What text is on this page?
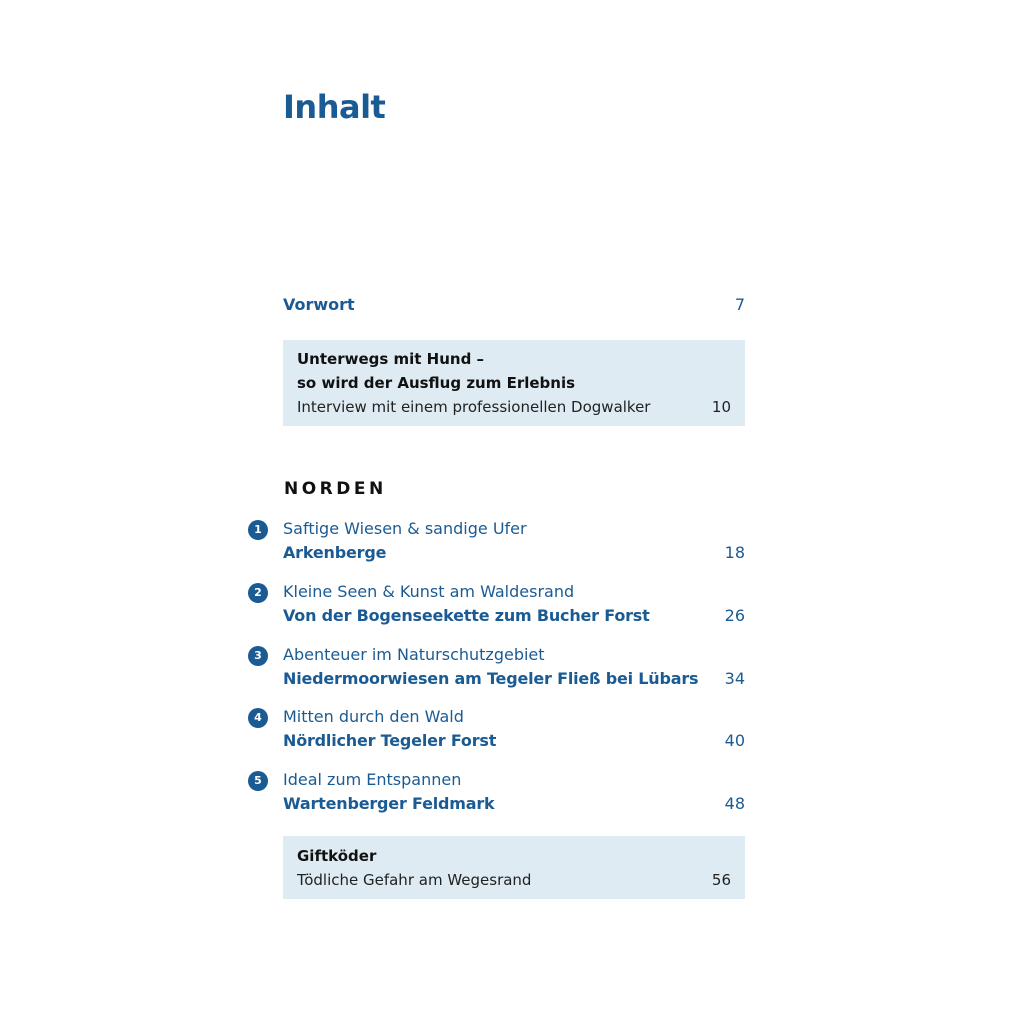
Inhalt
Vorwort	7
Unterwegs mit Hund –
so wird der Ausflug zum Erlebnis
Interview mit einem professionellen Dogwalker	10
NORDEN
1	Saftige Wiesen & sandige Ufer
Arkenberge	18
2	Kleine Seen & Kunst am Waldesrand
Von der Bogenseekette zum Bucher Forst	26
3	Abenteuer im Naturschutzgebiet
Niedermoorwiesen am Tegeler Fließ bei Lübars 34
4	Mitten durch den Wald
Nördlicher Tegeler Forst	40
5	Ideal zum Entspannen
Wartenberger Feldmark	48
Giftköder
Tödliche Gefahr am Wegesrand	56
